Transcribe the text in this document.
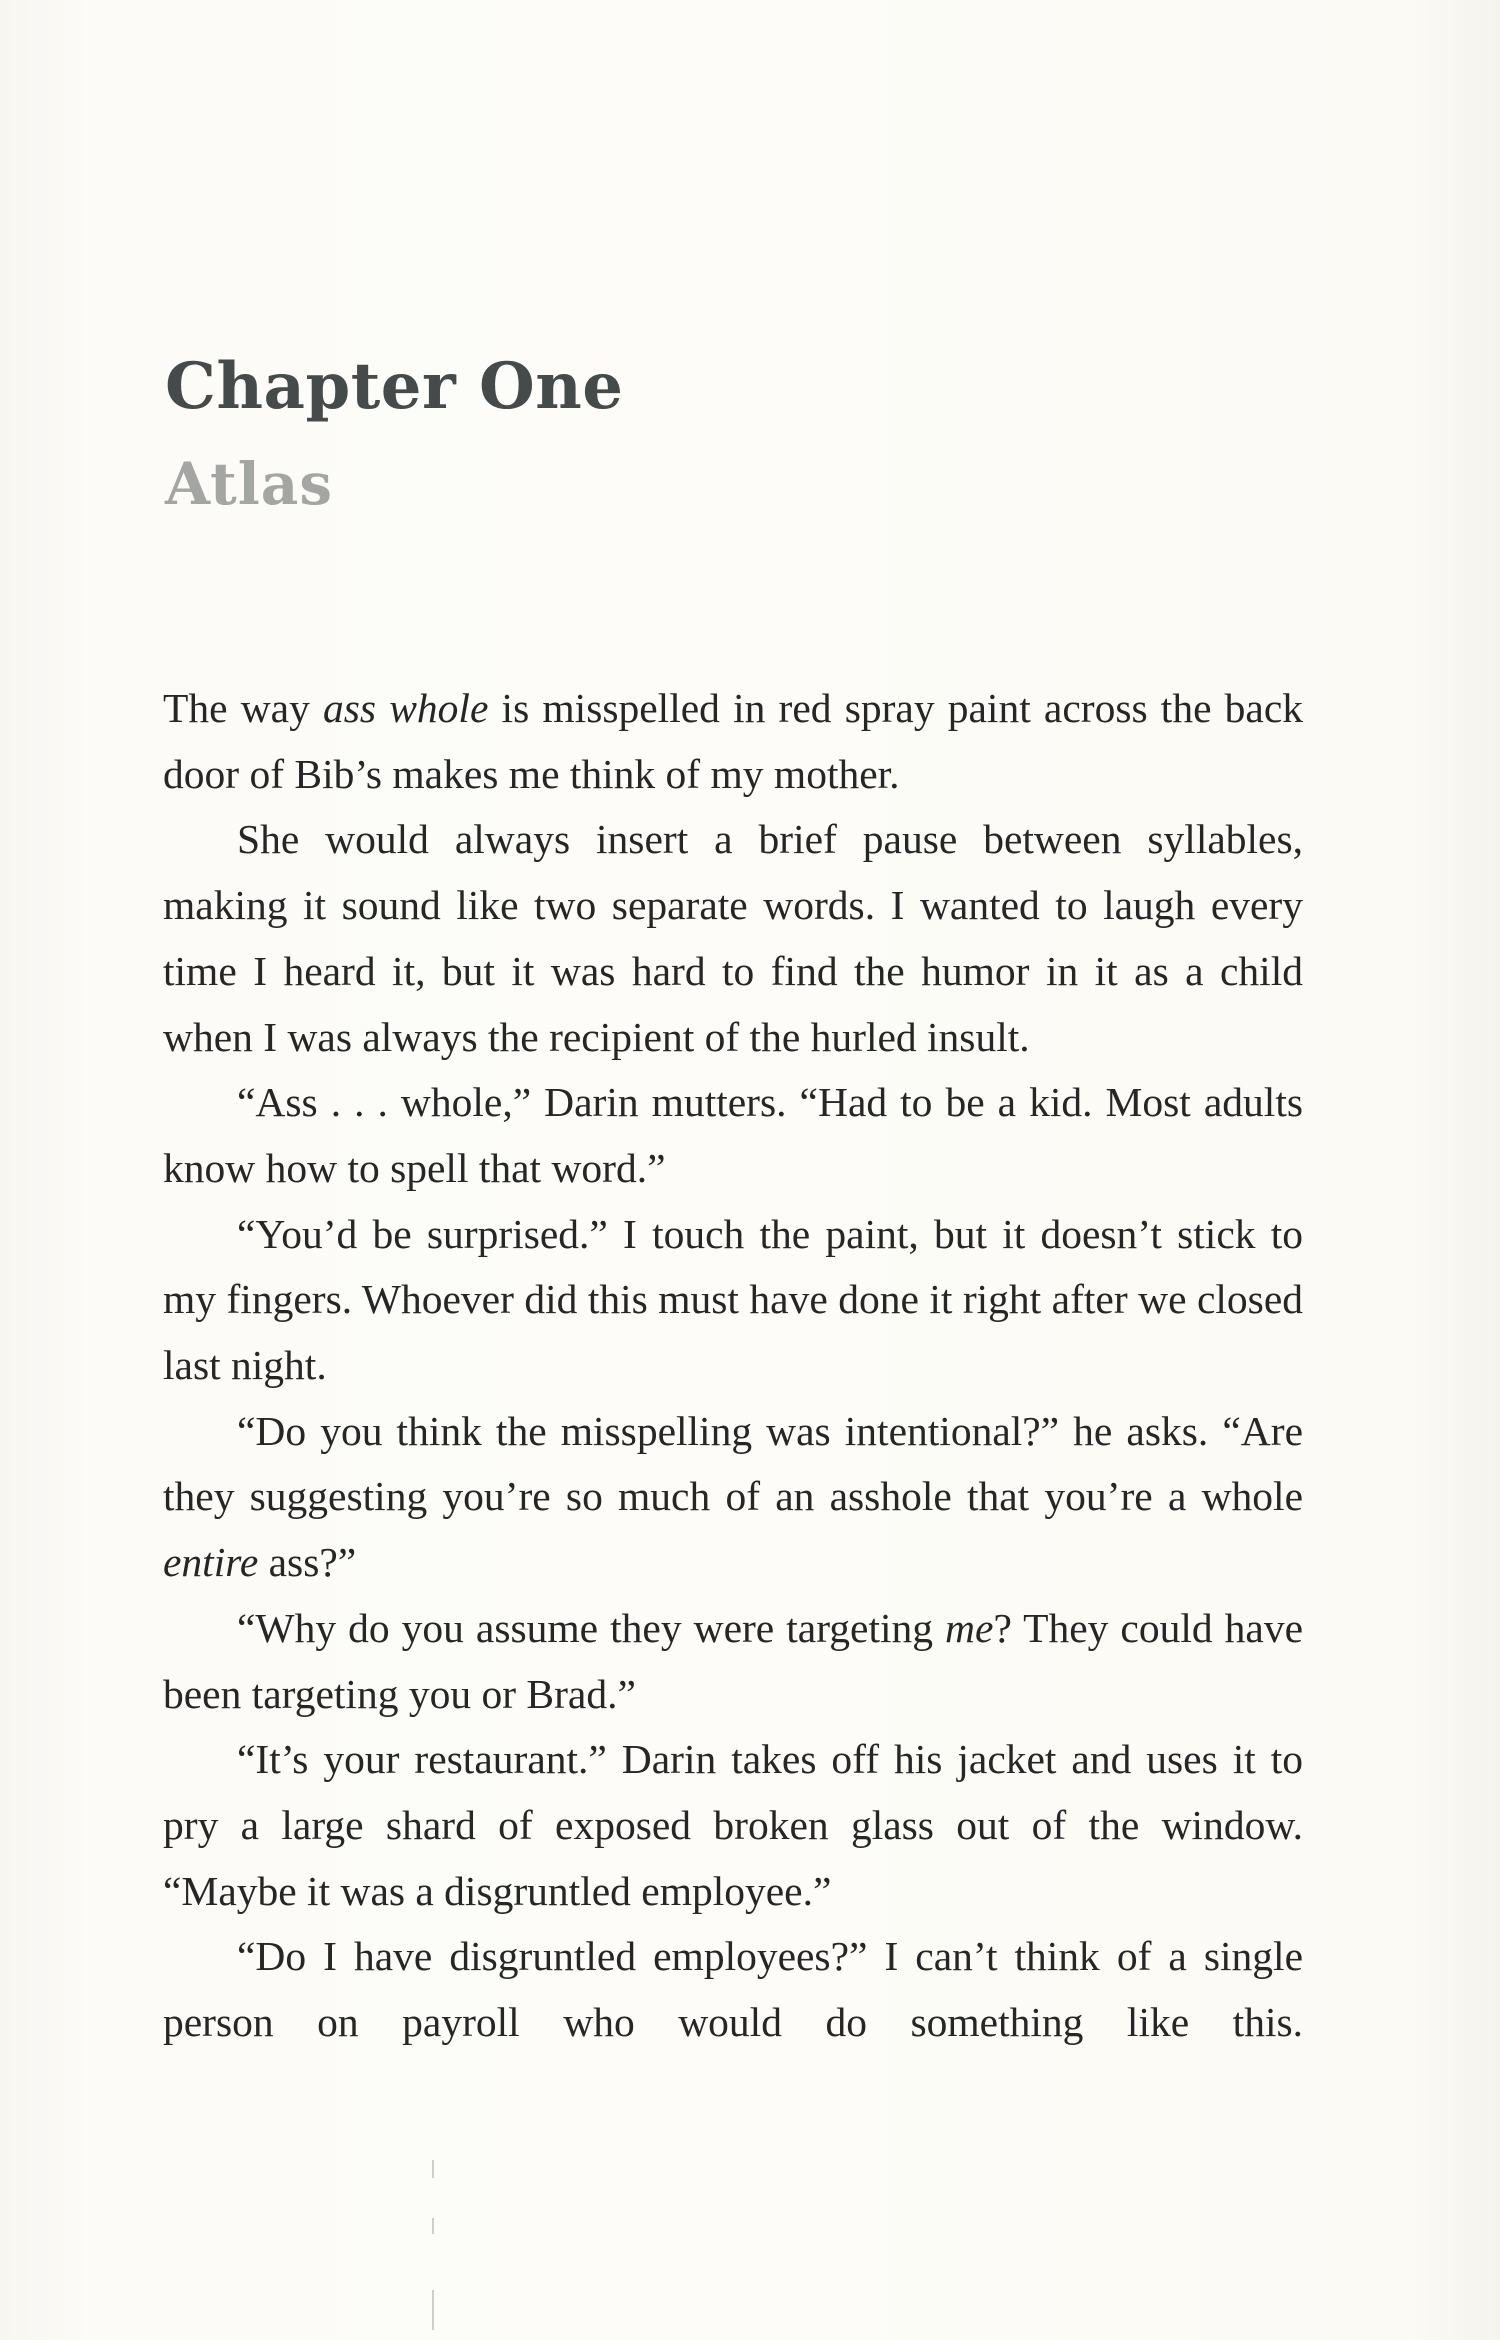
Chapter One
Atlas

The way ass whole is misspelled in red spray paint across the back door of Bib’s makes me think of my mother.

She would always insert a brief pause between syllables, making it sound like two separate words. I wanted to laugh every time I heard it, but it was hard to find the humor in it as a child when I was always the recipient of the hurled insult.

“Ass . . . whole,” Darin mutters. “Had to be a kid. Most adults know how to spell that word.”

“You’d be surprised.” I touch the paint, but it doesn’t stick to my fingers. Whoever did this must have done it right after we closed last night.

“Do you think the misspelling was intentional?” he asks. “Are they suggesting you’re so much of an asshole that you’re a whole entire ass?”

“Why do you assume they were targeting me? They could have been targeting you or Brad.”

“It’s your restaurant.” Darin takes off his jacket and uses it to pry a large shard of exposed broken glass out of the window. “Maybe it was a disgruntled employee.”

“Do I have disgruntled employees?” I can’t think of a single person on payroll who would do something like this.
